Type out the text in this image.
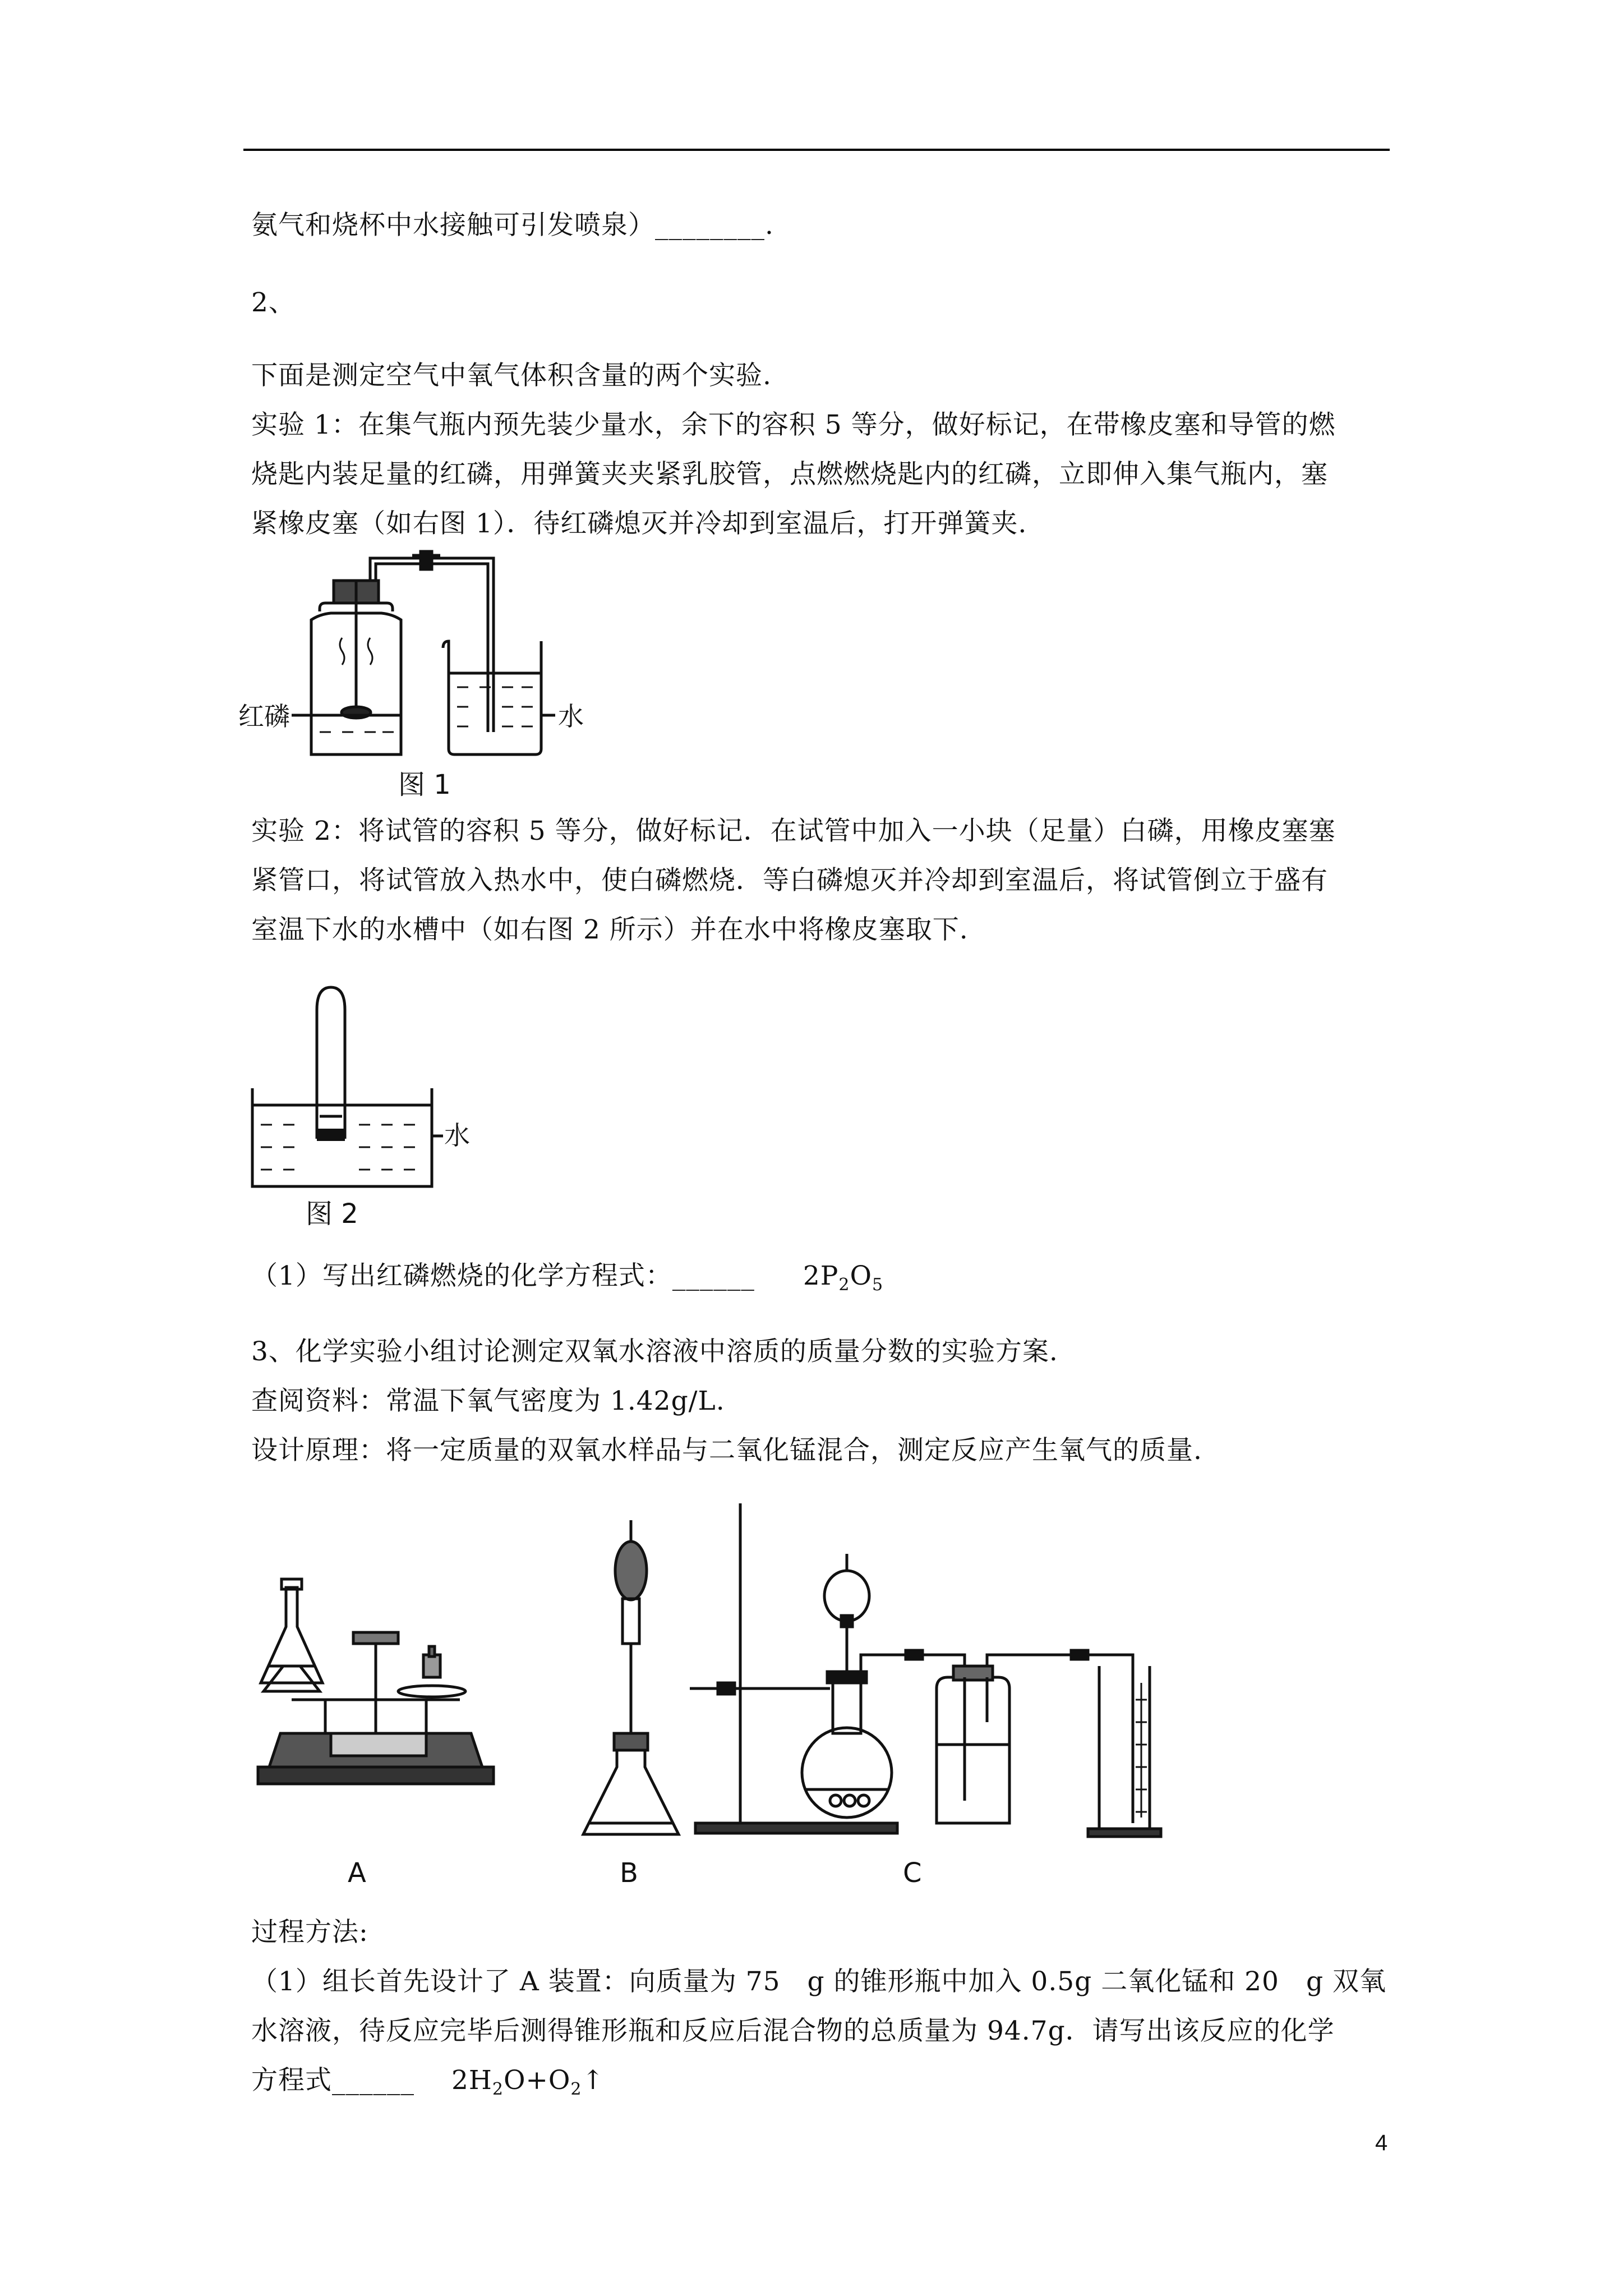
氨气和烧杯中水接触可引发喷泉）________.
2、
下面是测定空气中氧气体积含量的两个实验.
实验 1：在集气瓶内预先装少量水，余下的容积 5 等分，做好标记，在带橡皮塞和导管的燃
烧匙内装足量的红磷，用弹簧夹夹紧乳胶管，点燃燃烧匙内的红磷，立即伸入集气瓶内，塞
紧橡皮塞（如右图 1）．待红磷熄灭并冷却到室温后，打开弹簧夹.
红磷	水
图 1
实验 2：将试管的容积 5 等分，做好标记．在试管中加入一小块（足量）白磷，用橡皮塞塞
紧管口，将试管放入热水中，使白磷燃烧．等白磷熄灭并冷却到室温后，将试管倒立于盛有
室温下水的水槽中（如右图 2 所示）并在水中将橡皮塞取下.
水
图 2
（1）写出红磷燃烧的化学方程式：______ $2P_2O_5$
3、化学实验小组讨论测定双氧水溶液中溶质的质量分数的实验方案.
查阅资料：常温下氧气密度为 1.42g/L.
设计原理：将一定质量的双氧水样品与二氧化锰混合，测定反应产生氧气的质量.
A	B	C
过程方法:
（1）组长首先设计了 A 装置：向质量为 75　g 的锥形瓶中加入 0.5g 二氧化锰和 20　g 双氧
水溶液，待反应完毕后测得锥形瓶和反应后混合物的总质量为 94.7g．请写出该反应的化学
方程式______ $2H_2O+O_2↑$
4
